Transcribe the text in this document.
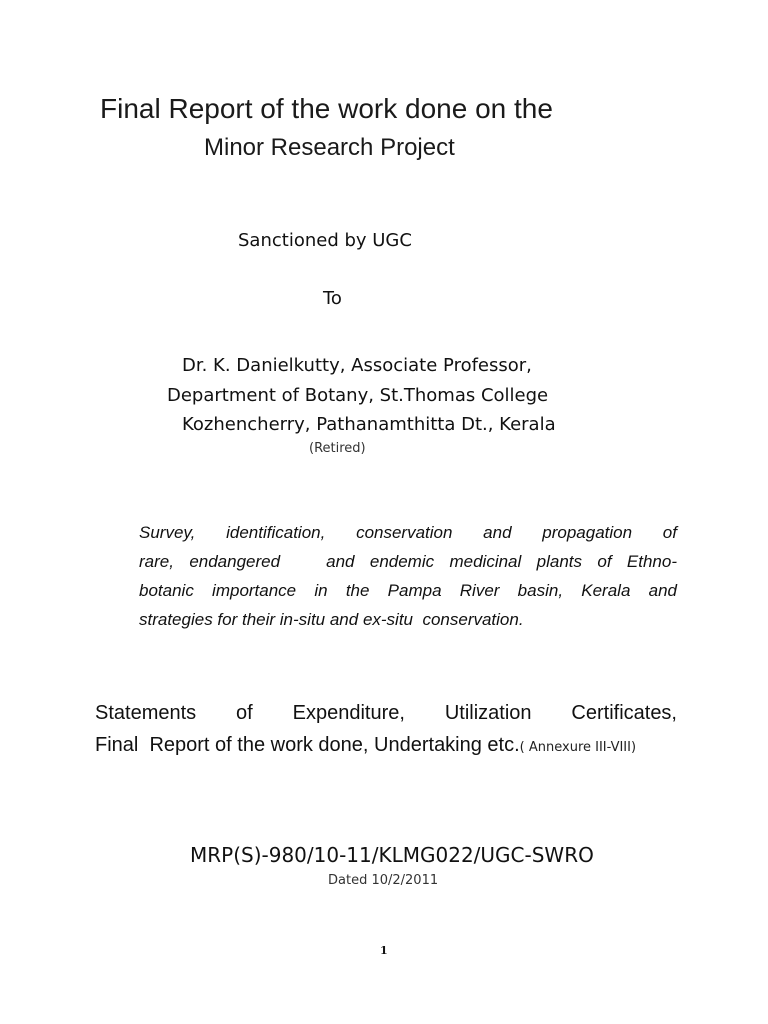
Final Report of the work done on the
Minor Research Project
Sanctioned by UGC
To
Dr. K. Danielkutty, Associate Professor,
Department of Botany, St.Thomas College
Kozhencherry, Pathanamthitta Dt., Kerala
(Retired)
Survey, identification, conservation and propagation of
rare, endangered   and endemic medicinal plants of Ethno-
botanic importance in the Pampa River basin, Kerala and
strategies for their in-situ and ex-situ  conservation.
Statements of Expenditure, Utilization Certificates,
Final  Report of the work done, Undertaking etc.( Annexure III-VIII)
MRP(S)-980/10-11/KLMG022/UGC-SWRO
Dated 10/2/2011
1
